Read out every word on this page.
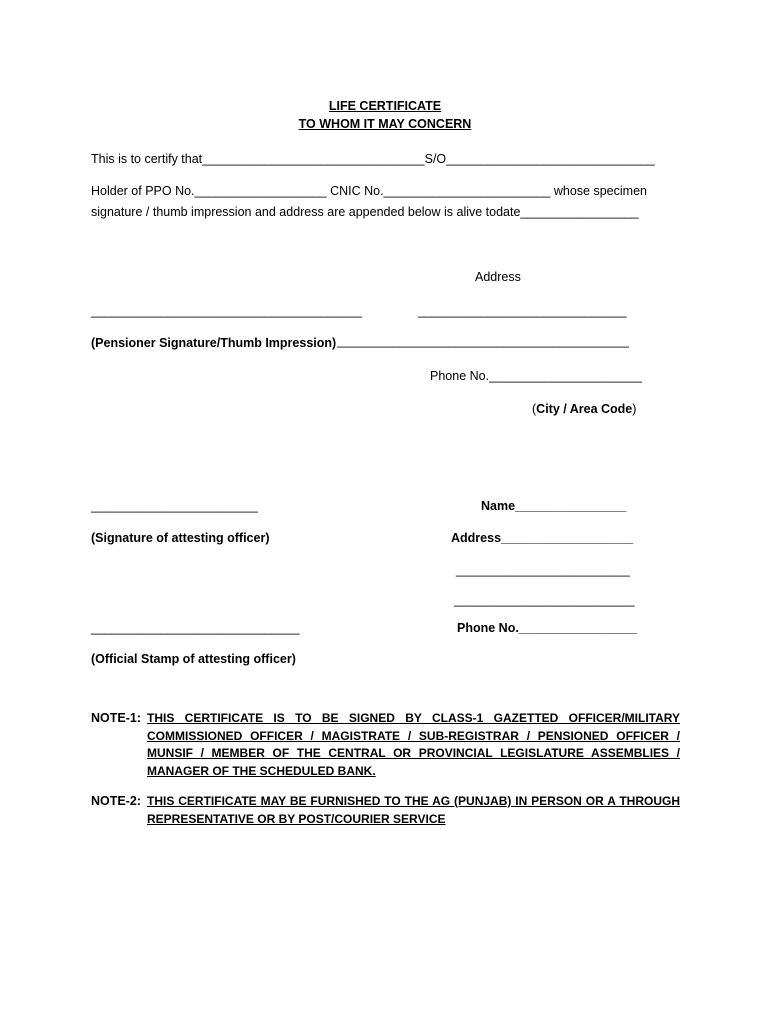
LIFE CERTIFICATE
TO WHOM IT MAY CONCERN
This is to certify that________________________________S/O______________________________
Holder of PPO No.___________________ CNIC No.________________________ whose specimen
signature / thumb impression and address are appended below is alive todate_________________
Address
_______________________________________	______________________________
(Pensioner Signature/Thumb Impression) __________________________________________
Phone No.______________________
(City / Area Code)
________________________	Name________________
(Signature of attesting officer)	Address___________________
_________________________
__________________________
______________________________	Phone No._________________
(Official Stamp of attesting officer)
NOTE-1: THIS CERTIFICATE IS TO BE SIGNED BY CLASS-1 GAZETTED OFFICER/MILITARY COMMISSIONED OFFICER / MAGISTRATE / SUB-REGISTRAR / PENSIONED OFFICER / MUNSIF / MEMBER OF THE CENTRAL OR PROVINCIAL LEGISLATURE ASSEMBLIES / MANAGER OF THE SCHEDULED BANK.
NOTE-2: THIS CERTIFICATE MAY BE FURNISHED TO THE AG (PUNJAB) IN PERSON OR A THROUGH REPRESENTATIVE OR BY POST/COURIER SERVICE
